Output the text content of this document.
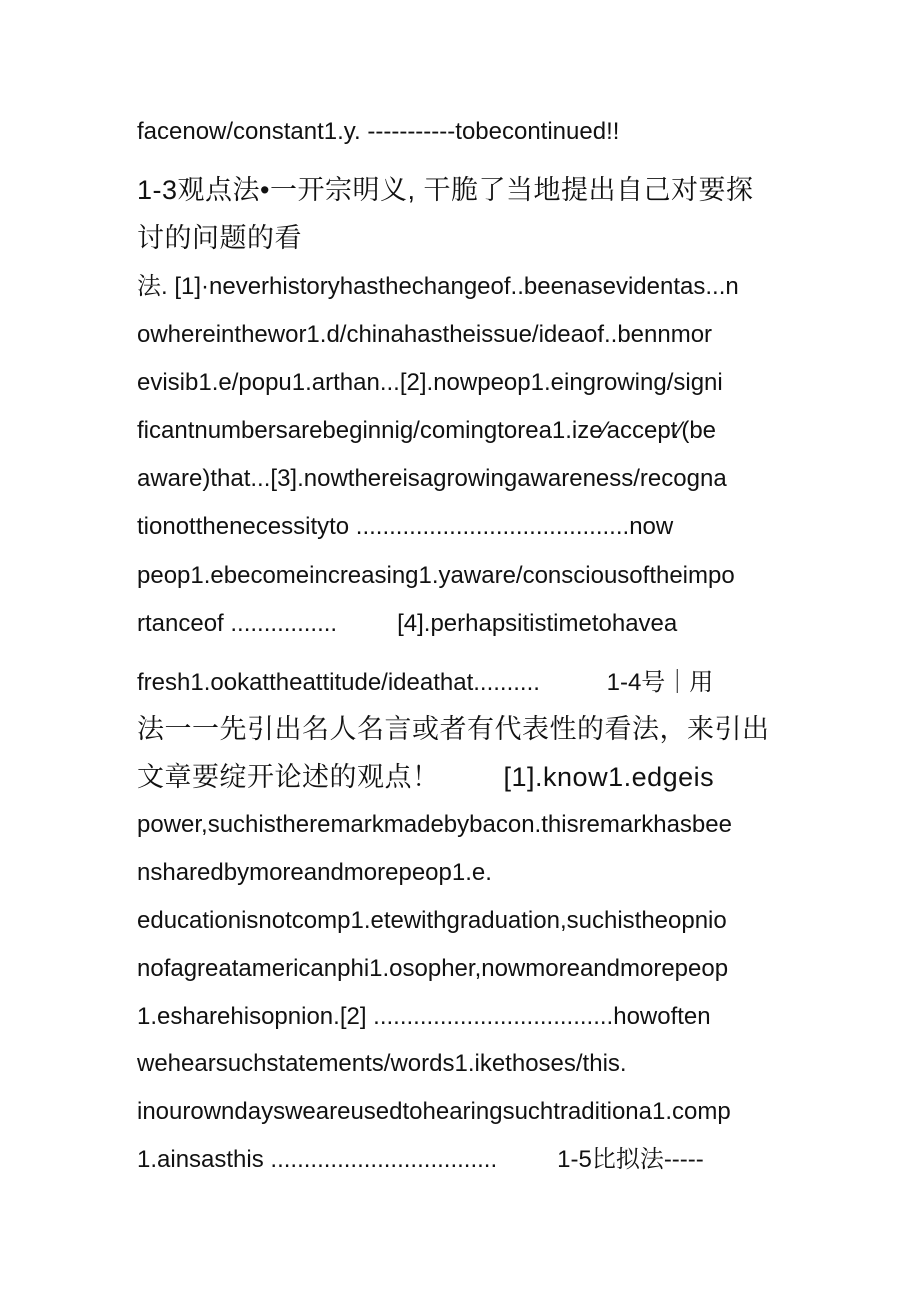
facenow/constant1.y. -----------tobecontinued!!
1-3观点法•一开宗明义, 干脆了当地提出自己对要探
讨的问题的看
法. [1]·neverhistoryhasthechangeof..beenasevidentas...n
owhereinthewor1.d/chinahastheissue/ideaof..bennmor
evisib1.e/popu1.arthan...[2].nowpeop1.eingrowing/signi
ficantnumbersarebeginnig/comingtorea1.ize⁄accept⁄(be
aware)that...[3].nowthereisagrowingawareness/recogna
tionotthenecessityto .........................................now
peop1.ebecomeincreasing1.yaware/consciousoftheimpo
rtanceof ................         [4].perhapsitistimetohavea
fresh1.ookattheattitude/ideathat..........          1-4号｜用
法一一先引出名人名言或者有代表性的看法，来引出
文章要绽开论述的观点！        [1].know1.edgeis
power,suchistheremarkmadebybacon.thisremarkhasbee
nsharedbymoreandmorepeop1.e.
educationisnotcomp1.etewithgraduation,suchistheopnio
nofagreatamericanphi1.osopher,nowmoreandmorepeop
1.esharehisopnion.[2] ....................................howoften
wehearsuchstatements/words1.ikethoses/this.
inourowndaysweareusedtohearingsuchtraditiona1.comp
1.ainsasthis ..................................         1-5比拟法-----
